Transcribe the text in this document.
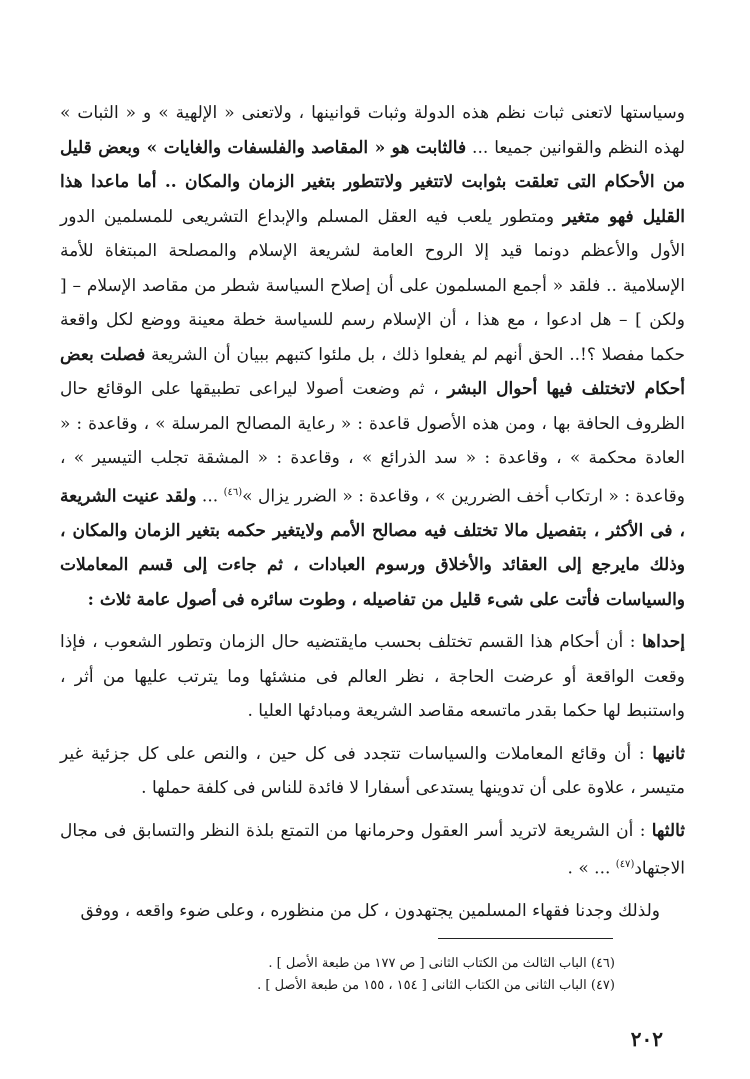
وسياستها لاتعنى ثبات نظم هذه الدولة وثبات قوانينها ، ولاتعنى « الإلهية » و « الثبات » لهذه النظم والقوانين جميعا ... فالثابت هو « المقاصد والفلسفات والغايات » وبعض قليل من الأحكام التى تعلقت بثوابت لاتتغير ولاتتطور بتغير الزمان والمكان .. أما ماعدا هذا القليل فهو متغير ومتطور يلعب فيه العقل المسلم والإبداع التشريعى للمسلمين الدور الأول والأعظم دونما قيد إلا الروح العامة لشريعة الإسلام والمصلحة المبتغاة للأمة الإسلامية .. فلقد « أجمع المسلمون على أن إصلاح السياسة شطر من مقاصد الإسلام – [ ولكن ] – هل ادعوا ، مع هذا ، أن الإسلام رسم للسياسة خطة معينة ووضع لكل واقعة حكما مفصلا ؟!.. الحق أنهم لم يفعلوا ذلك ، بل ملئوا كتبهم ببيان أن الشريعة فصلت بعض أحكام لاتختلف فيها أحوال البشر ، ثم وضعت أصولا ليراعى تطبيقها على الوقائع حال الظروف الحافة بها ، ومن هذه الأصول قاعدة : « رعاية المصالح المرسلة » ، وقاعدة : « العادة محكمة » ، وقاعدة : « سد الذرائع » ، وقاعدة : « المشقة تجلب التيسير » ، وقاعدة : « ارتكاب أخف الضررين » ، وقاعدة : « الضرر يزال »$^{(٤٦)}$ ... ولقد عنيت الشريعة ، فى الأكثر ، بتفصيل مالا تختلف فيه مصالح الأمم ولايتغير حكمه بتغير الزمان والمكان ، وذلك مايرجع إلى العقائد والأخلاق ورسوم العبادات ، ثم جاءت إلى قسم المعاملات والسياسات فأتت على شىء قليل من تفاصيله ، وطوت سائره فى أصول عامة ثلاث :
إحداها : أن أحكام هذا القسم تختلف بحسب مايقتضيه حال الزمان وتطور الشعوب ، فإذا وقعت الواقعة أو عرضت الحاجة ، نظر العالم فى منشئها وما يترتب عليها من أثر ، واستنبط لها حكما بقدر ماتسعه مقاصد الشريعة ومبادئها العليا .
ثانيها : أن وقائع المعاملات والسياسات تتجدد فى كل حين ، والنص على كل جزئية غير متيسر ، علاوة على أن تدوينها يستدعى أسفارا لا فائدة للناس فى كلفة حملها .
ثالثها : أن الشريعة لاتريد أسر العقول وحرمانها من التمتع بلذة النظر والتسابق فى مجال الاجتهاد$^{(٤٧)}$ ... » .
ولذلك وجدنا فقهاء المسلمين يجتهدون ، كل من منظوره ، وعلى ضوء واقعه ، ووفق
(٤٦) الباب الثالث من الكتاب الثانى [ ص ١٧٧ من طبعة الأصل ] .
(٤٧) الباب الثانى من الكتاب الثانى [ ١٥٤ ، ١٥٥ من طبعة الأصل ] .
٢٠٢
